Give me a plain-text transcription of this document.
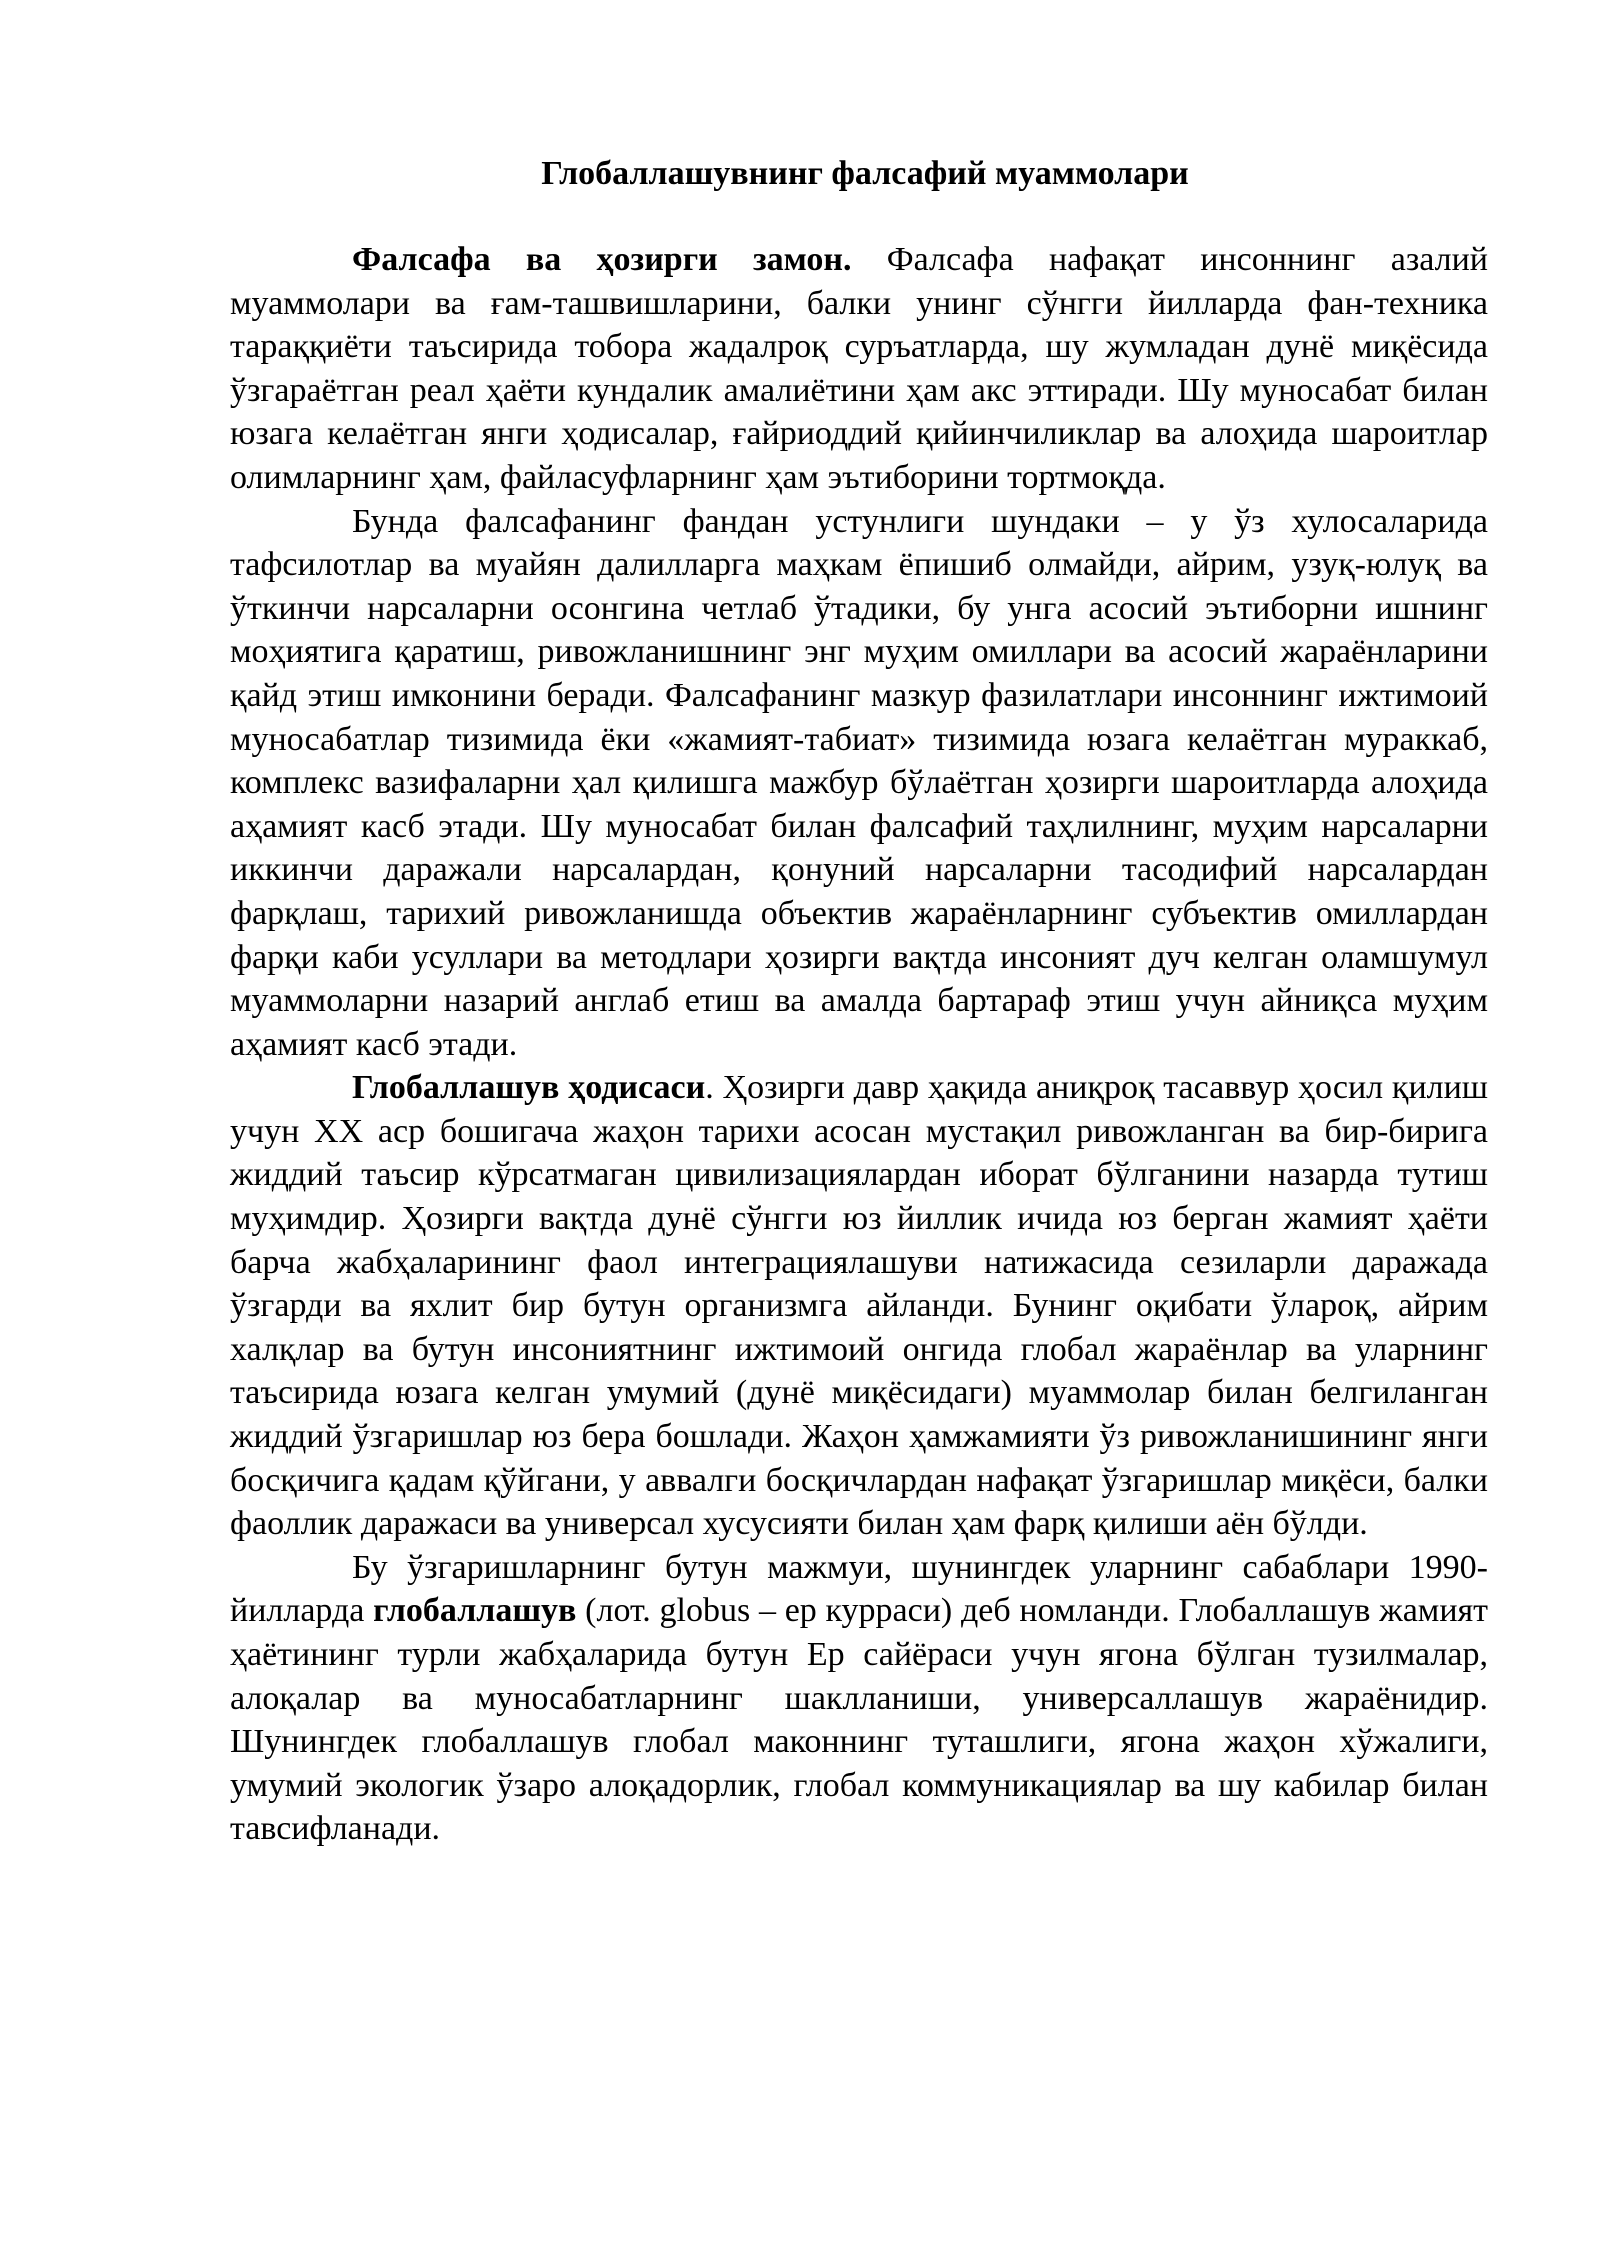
Глобаллашувнинг фалсафий муаммолари

Фалсафа ва ҳозирги замон. Фалсафа нафақат инсоннинг азалий муаммолари ва ғам-ташвишларини, балки унинг сўнгги йилларда фан-техника тараққиёти таъсирида тобора жадалроқ суръатларда, шу жумладан дунё миқёсида ўзгараётган реал ҳаёти кундалик амалиётини ҳам акс эттиради. Шу муносабат билан юзага келаётган янги ҳодисалар, ғайриоддий қийинчиликлар ва алоҳида шароитлар олимларнинг ҳам, файласуфларнинг ҳам эътиборини тортмоқда.

Бунда фалсафанинг фандан устунлиги шундаки – у ўз хулосаларида тафсилотлар ва муайян далилларга маҳкам ёпишиб олмайди, айрим, узуқ-юлуқ ва ўткинчи нарсаларни осонгина четлаб ўтадики, бу унга асосий эътиборни ишнинг моҳиятига қаратиш, ривожланишнинг энг муҳим омиллари ва асосий жараёнларини қайд этиш имконини беради. Фалсафанинг мазкур фазилатлари инсоннинг ижтимоий муносабатлар тизимида ёки «жамият-табиат» тизимида юзага келаётган мураккаб, комплекс вазифаларни ҳал қилишга мажбур бўлаётган ҳозирги шароитларда алоҳида аҳамият касб этади. Шу муносабат билан фалсафий таҳлилнинг, муҳим нарсаларни иккинчи даражали нарсалардан, қонуний нарсаларни тасодифий нарсалардан фарқлаш, тарихий ривожланишда объектив жараёнларнинг субъектив омиллардан фарқи каби усуллари ва методлари ҳозирги вақтда инсоният дуч келган оламшумул муаммоларни назарий англаб етиш ва амалда бартараф этиш учун айниқса муҳим аҳамият касб этади.

Глобаллашув ҳодисаси. Ҳозирги давр ҳақида аниқроқ тасаввур ҳосил қилиш учун XX аср бошигача жаҳон тарихи асосан мустақил ривожланган ва бир-бирига жиддий таъсир кўрсатмаган цивилизациялардан иборат бўлганини назарда тутиш муҳимдир. Ҳозирги вақтда дунё сўнгги юз йиллик ичида юз берган жамият ҳаёти барча жабҳаларининг фаол интеграциялашуви натижасида сезиларли даражада ўзгарди ва яхлит бир бутун организмга айланди. Бунинг оқибати ўлароқ, айрим халқлар ва бутун инсониятнинг ижтимоий онгида глобал жараёнлар ва уларнинг таъсирида юзага келган умумий (дунё миқёсидаги) муаммолар билан белгиланган жиддий ўзгаришлар юз бера бошлади. Жаҳон ҳамжамияти ўз ривожланишининг янги босқичига қадам қўйгани, у аввалги босқичлардан нафақат ўзгаришлар миқёси, балки фаоллик даражаси ва универсал хусусияти билан ҳам фарқ қилиши аён бўлди.

Бу ўзгаришларнинг бутун мажмуи, шунингдек уларнинг сабаблари 1990-йилларда глобаллашув (лот. globus – ер курраси) деб номланди. Глобаллашув жамият ҳаётининг турли жабҳаларида бутун Ер сайёраси учун ягона бўлган тузилмалар, алоқалар ва муносабатларнинг шаклланиши, универсаллашув жараёнидир. Шунингдек глобаллашув глобал маконнинг туташлиги, ягона жаҳон хўжалиги, умумий экологик ўзаро алоқадорлик, глобал коммуникациялар ва шу кабилар билан тавсифланади.
